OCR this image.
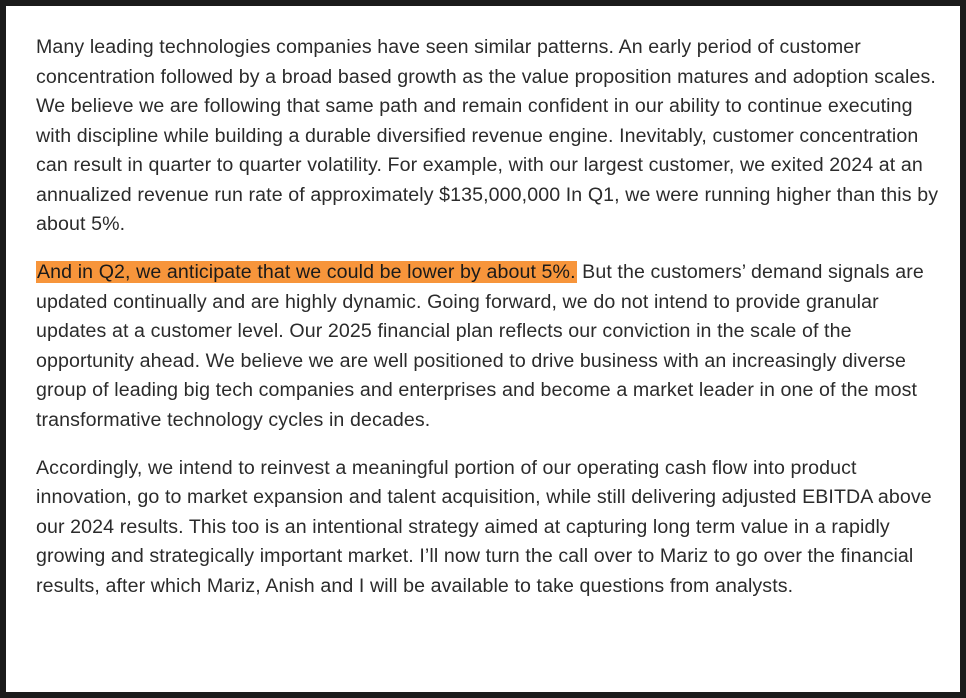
Many leading technologies companies have seen similar patterns. An early period of customer concentration followed by a broad based growth as the value proposition matures and adoption scales. We believe we are following that same path and remain confident in our ability to continue executing with discipline while building a durable diversified revenue engine. Inevitably, customer concentration can result in quarter to quarter volatility. For example, with our largest customer, we exited 2024 at an annualized revenue run rate of approximately $135,000,000 In Q1, we were running higher than this by about 5%.

And in Q2, we anticipate that we could be lower by about 5%. But the customers’ demand signals are updated continually and are highly dynamic. Going forward, we do not intend to provide granular updates at a customer level. Our 2025 financial plan reflects our conviction in the scale of the opportunity ahead. We believe we are well positioned to drive business with an increasingly diverse group of leading big tech companies and enterprises and become a market leader in one of the most transformative technology cycles in decades.

Accordingly, we intend to reinvest a meaningful portion of our operating cash flow into product innovation, go to market expansion and talent acquisition, while still delivering adjusted EBITDA above our 2024 results. This too is an intentional strategy aimed at capturing long term value in a rapidly growing and strategically important market. I’ll now turn the call over to Mariz to go over the financial results, after which Mariz, Anish and I will be available to take questions from analysts.
